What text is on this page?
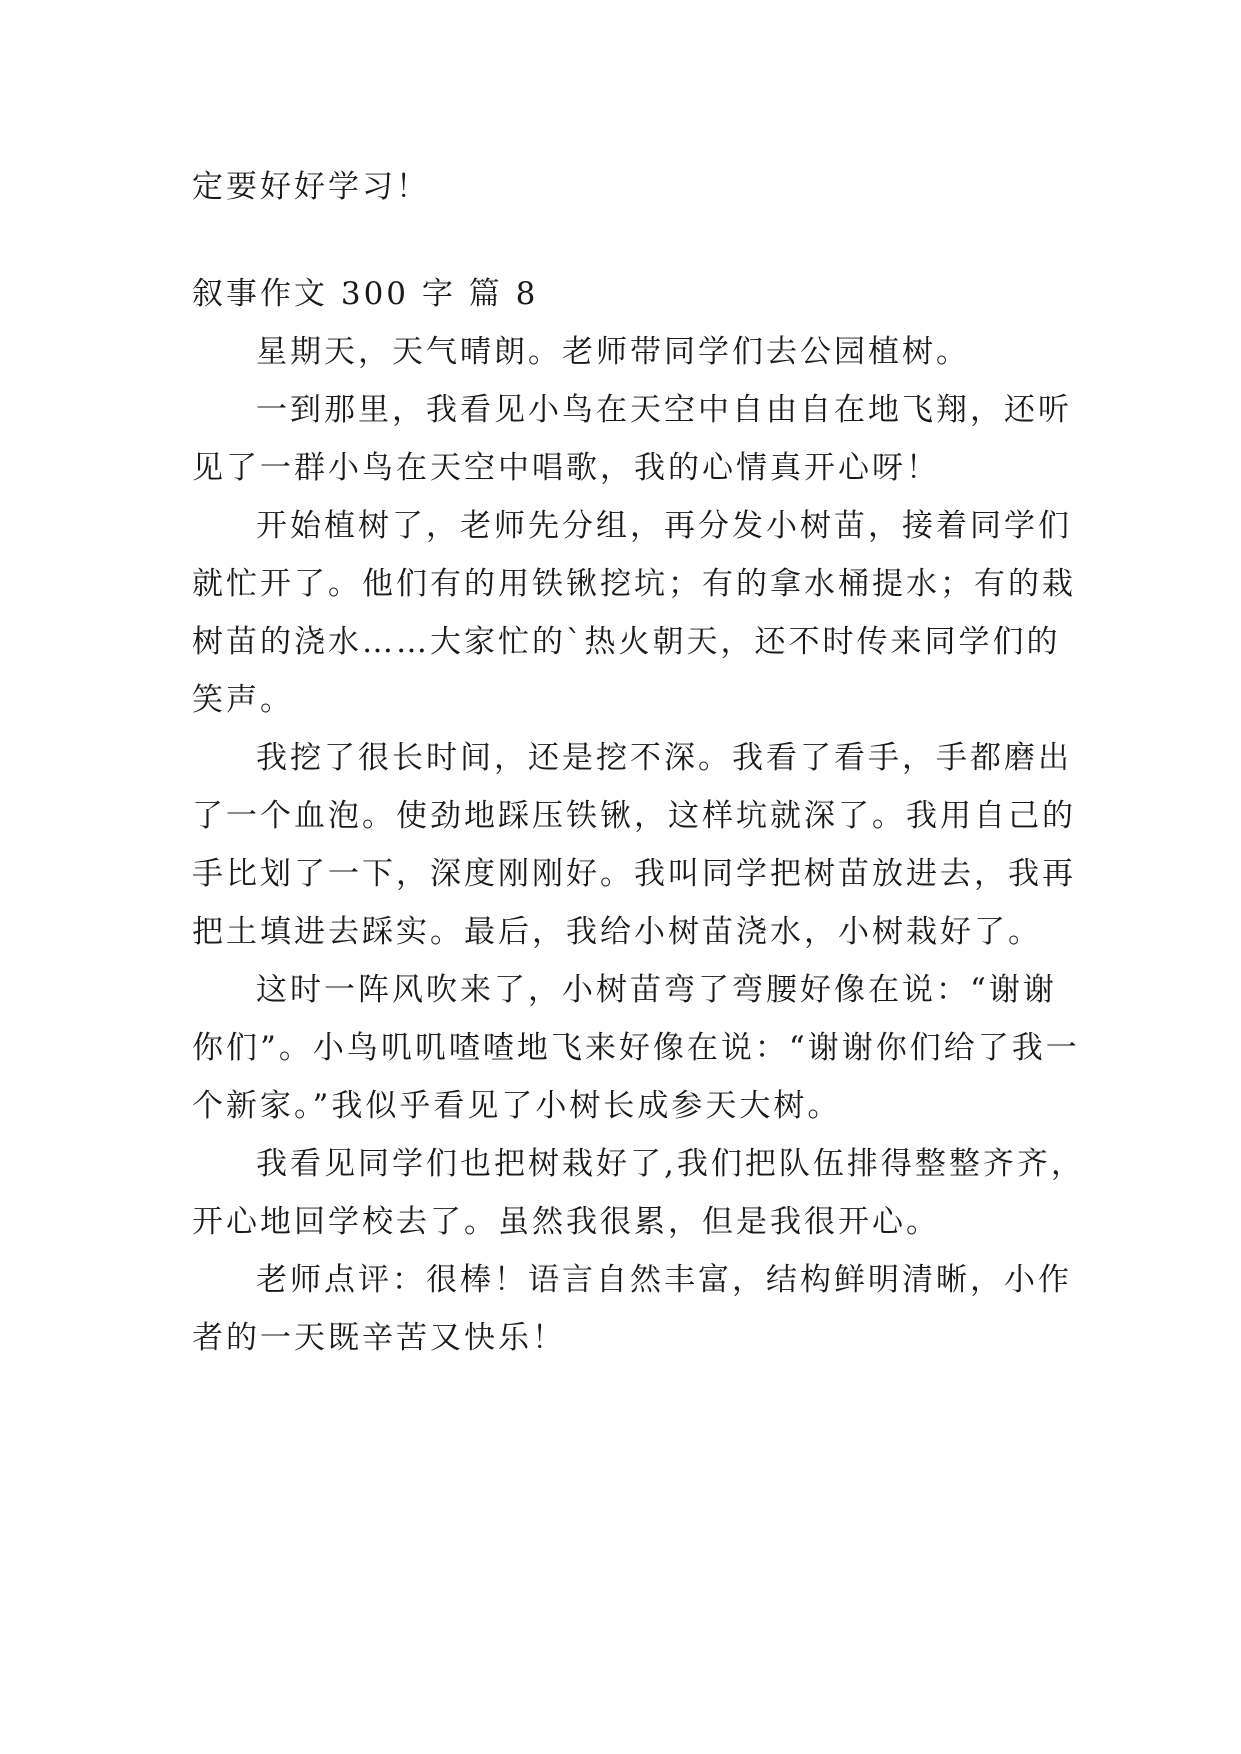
定要好好学习！

叙事作文 300 字 篇 8

星期天，天气晴朗。老师带同学们去公园植树。

一到那里，我看见小鸟在天空中自由自在地飞翔，还听

见了一群小鸟在天空中唱歌，我的心情真开心呀！

开始植树了，老师先分组，再分发小树苗，接着同学们

就忙开了。他们有的用铁锹挖坑；有的拿水桶提水；有的栽

树苗的浇水……大家忙的`热火朝天，还不时传来同学们的

笑声。

我挖了很长时间，还是挖不深。我看了看手，手都磨出

了一个血泡。使劲地踩压铁锹，这样坑就深了。我用自己的

手比划了一下，深度刚刚好。我叫同学把树苗放进去，我再

把土填进去踩实。最后，我给小树苗浇水，小树栽好了。

这时一阵风吹来了，小树苗弯了弯腰好像在说：“谢谢

你们”。小鸟叽叽喳喳地飞来好像在说：“谢谢你们给了我一

个新家。”我似乎看见了小树长成参天大树。

我看见同学们也把树栽好了,我们把队伍排得整整齐齐，

开心地回学校去了。虽然我很累，但是我很开心。

老师点评：很棒！语言自然丰富，结构鲜明清晰，小作

者的一天既辛苦又快乐！
